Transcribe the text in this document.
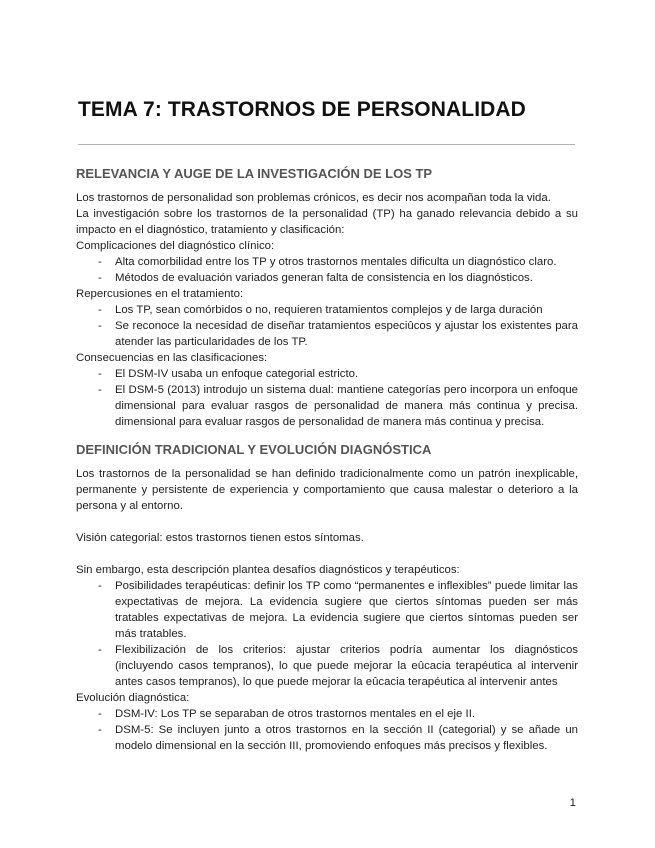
TEMA 7: TRASTORNOS DE PERSONALIDAD
RELEVANCIA Y AUGE DE LA INVESTIGACIÓN DE LOS TP

Los trastornos de personalidad son problemas crónicos, es decir nos acompañan toda la vida.

La investigación sobre los trastornos de la personalidad (TP) ha ganado relevancia debido a su impacto en el diagnóstico, tratamiento y clasificación:

Complicaciones del diagnóstico clínico:

- Alta comorbilidad entre los TP y otros trastornos mentales dificulta un diagnóstico claro.
- Métodos de evaluación variados generan falta de consistencia en los diagnósticos.

Repercusiones en el tratamiento:

- Los TP, sean comórbidos o no, requieren tratamientos complejos y de larga duración
- Se reconoce la necesidad de diseñar tratamientos especiûcos y ajustar los existentes para atender las particularidades de los TP.

Consecuencias en las clasificaciones:

- El DSM-IV usaba un enfoque categorial estricto.
- El DSM-5 (2013) introdujo un sistema dual: mantiene categorías pero incorpora un enfoque dimensional para evaluar rasgos de personalidad de manera más continua y precisa. dimensional para evaluar rasgos de personalidad de manera más continua y precisa.
DEFINICIÓN TRADICIONAL Y EVOLUCIÓN DIAGNÓSTICA

Los trastornos de la personalidad se han definido tradicionalmente como un patrón inexplicable, permanente y persistente de experiencia y comportamiento que causa malestar o deterioro a la persona y al entorno.

Visión categorial: estos trastornos tienen estos síntomas.

Sin embargo, esta descripción plantea desafíos diagnósticos y terapéuticos:

- Posibilidades terapéuticas: definir los TP como “permanentes e inflexibles” puede limitar las expectativas de mejora. La evidencia sugiere que ciertos síntomas pueden ser más tratables expectativas de mejora. La evidencia sugiere que ciertos síntomas pueden ser más tratables.
- Flexibilización de los criterios: ajustar criterios podría aumentar los diagnósticos (incluyendo casos tempranos), lo que puede mejorar la eûcacia terapéutica al intervenir antes casos tempranos), lo que puede mejorar la eûcacia terapéutica al intervenir antes

Evolución diagnóstica:

- DSM-IV: Los TP se separaban de otros trastornos mentales en el eje II.
- DSM-5: Se incluyen junto a otros trastornos en la sección II (categorial) y se añade un modelo dimensional en la sección III, promoviendo enfoques más precisos y flexibles.
1
